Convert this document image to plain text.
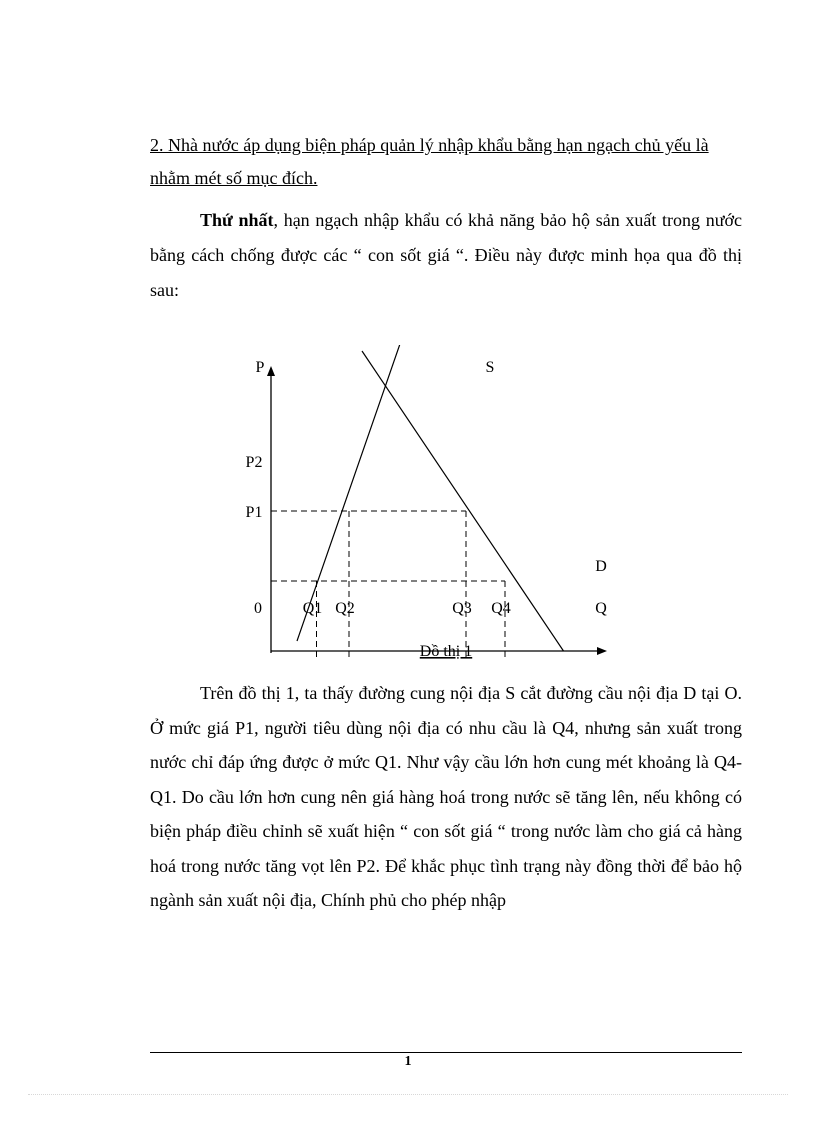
2. Nhà nước áp dụng biện pháp quản lý nhập khẩu bằng hạn ngạch chủ yếu là nhằm mét số mục đích.

Thứ nhất, hạn ngạch nhập khẩu có khả năng bảo hộ sản xuất trong nước bằng cách chống được các “ con sốt giá “. Điều này được minh họa qua đồ thị sau:

P	S
P2
P1
D
0	Q1 Q2	Q3 Q4	Q
Đồ thị 1

Trên đồ thị 1, ta thấy đường cung nội địa S cắt đường cầu nội địa D tại O. Ở mức giá P1, người tiêu dùng nội địa có nhu cầu là Q4, nhưng sản xuất trong nước chỉ đáp ứng được ở mức Q1. Như vậy cầu lớn hơn cung mét khoảng là Q4-Q1. Do cầu lớn hơn cung nên giá hàng hoá trong nước sẽ tăng lên, nếu không có biện pháp điều chỉnh sẽ xuất hiện “ con sốt giá “ trong nước làm cho giá cả hàng hoá trong nước tăng vọt lên P2. Để khắc phục tình trạng này đồng thời để bảo hộ ngành sản xuất nội địa, Chính phủ cho phép nhập

1
